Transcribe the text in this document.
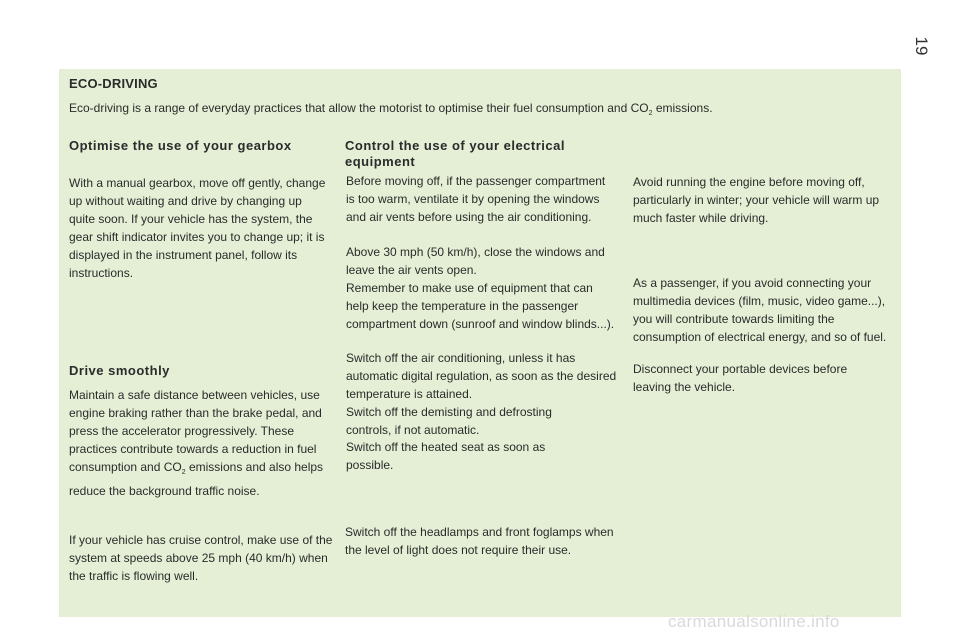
19
ECO-DRIVING

Eco-driving is a range of everyday practices that allow the motorist to optimise their fuel consumption and $CO_2$ emissions.

Optimise the use of your gearbox

With a manual gearbox, move off gently, change up without waiting and drive by changing up quite soon. If your vehicle has the system, the gear shift indicator invites you to change up; it is displayed in the instrument panel, follow its instructions.

Drive smoothly

Maintain a safe distance between vehicles, use engine braking rather than the brake pedal, and press the accelerator progressively. These practices contribute towards a reduction in fuel consumption and $CO_2$ emissions and also helps reduce the background traffic noise.

If your vehicle has cruise control, make use of the system at speeds above 25 mph (40 km/h) when the traffic is flowing well.

Control the use of your electrical equipment

Before moving off, if the passenger compartment is too warm, ventilate it by opening the windows and air vents before using the air conditioning.

Above 30 mph (50 km/h), close the windows and leave the air vents open.

Remember to make use of equipment that can help keep the temperature in the passenger compartment down (sunroof and window blinds...).

Switch off the air conditioning, unless it has automatic digital regulation, as soon as the desired temperature is attained.

Switch off the demisting and defrosting controls, if not automatic.

Switch off the heated seat as soon as possible.

Switch off the headlamps and front foglamps when the level of light does not require their use.

Avoid running the engine before moving off, particularly in winter; your vehicle will warm up much faster while driving.

As a passenger, if you avoid connecting your multimedia devices (film, music, video game...), you will contribute towards limiting the consumption of electrical energy, and so of fuel.

Disconnect your portable devices before leaving the vehicle.

carmanualsonline.info
